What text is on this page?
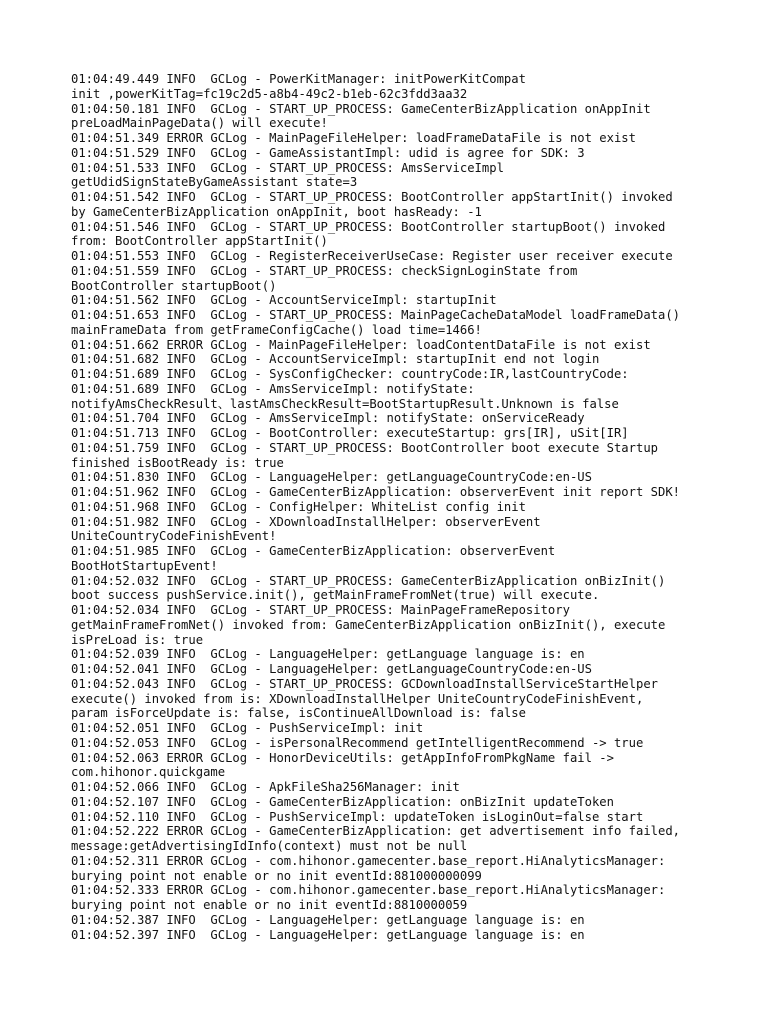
01:04:49.449 INFO  GCLog - PowerKitManager: initPowerKitCompat
init ,powerKitTag=fc19c2d5-a8b4-49c2-b1eb-62c3fdd3aa32
01:04:50.181 INFO  GCLog - START_UP_PROCESS: GameCenterBizApplication onAppInit
preLoadMainPageData() will execute!
01:04:51.349 ERROR GCLog - MainPageFileHelper: loadFrameDataFile is not exist
01:04:51.529 INFO  GCLog - GameAssistantImpl: udid is agree for SDK: 3
01:04:51.533 INFO  GCLog - START_UP_PROCESS: AmsServiceImpl
getUdidSignStateByGameAssistant state=3
01:04:51.542 INFO  GCLog - START_UP_PROCESS: BootController appStartInit() invoked
by GameCenterBizApplication onAppInit, boot hasReady: -1
01:04:51.546 INFO  GCLog - START_UP_PROCESS: BootController startupBoot() invoked
from: BootController appStartInit()
01:04:51.553 INFO  GCLog - RegisterReceiverUseCase: Register user receiver execute
01:04:51.559 INFO  GCLog - START_UP_PROCESS: checkSignLoginState from
BootController startupBoot()
01:04:51.562 INFO  GCLog - AccountServiceImpl: startupInit
01:04:51.653 INFO  GCLog - START_UP_PROCESS: MainPageCacheDataModel loadFrameData()
mainFrameData from getFrameConfigCache() load time=1466!
01:04:51.662 ERROR GCLog - MainPageFileHelper: loadContentDataFile is not exist
01:04:51.682 INFO  GCLog - AccountServiceImpl: startupInit end not login
01:04:51.689 INFO  GCLog - SysConfigChecker: countryCode:IR,lastCountryCode:
01:04:51.689 INFO  GCLog - AmsServiceImpl: notifyState:
notifyAmsCheckResult、lastAmsCheckResult=BootStartupResult.Unknown is false
01:04:51.704 INFO  GCLog - AmsServiceImpl: notifyState: onServiceReady
01:04:51.713 INFO  GCLog - BootController: executeStartup: grs[IR], uSit[IR]
01:04:51.759 INFO  GCLog - START_UP_PROCESS: BootController boot execute Startup
finished isBootReady is: true
01:04:51.830 INFO  GCLog - LanguageHelper: getLanguageCountryCode:en-US
01:04:51.962 INFO  GCLog - GameCenterBizApplication: observerEvent init report SDK!
01:04:51.968 INFO  GCLog - ConfigHelper: WhiteList config init
01:04:51.982 INFO  GCLog - XDownloadInstallHelper: observerEvent
UniteCountryCodeFinishEvent!
01:04:51.985 INFO  GCLog - GameCenterBizApplication: observerEvent
BootHotStartupEvent!
01:04:52.032 INFO  GCLog - START_UP_PROCESS: GameCenterBizApplication onBizInit()
boot success pushService.init(), getMainFrameFromNet(true) will execute.
01:04:52.034 INFO  GCLog - START_UP_PROCESS: MainPageFrameRepository
getMainFrameFromNet() invoked from: GameCenterBizApplication onBizInit(), execute
isPreLoad is: true
01:04:52.039 INFO  GCLog - LanguageHelper: getLanguage language is: en
01:04:52.041 INFO  GCLog - LanguageHelper: getLanguageCountryCode:en-US
01:04:52.043 INFO  GCLog - START_UP_PROCESS: GCDownloadInstallServiceStartHelper
execute() invoked from is: XDownloadInstallHelper UniteCountryCodeFinishEvent,
param isForceUpdate is: false, isContinueAllDownload is: false
01:04:52.051 INFO  GCLog - PushServiceImpl: init
01:04:52.053 INFO  GCLog - isPersonalRecommend getIntelligentRecommend -> true
01:04:52.063 ERROR GCLog - HonorDeviceUtils: getAppInfoFromPkgName fail ->
com.hihonor.quickgame
01:04:52.066 INFO  GCLog - ApkFileSha256Manager: init
01:04:52.107 INFO  GCLog - GameCenterBizApplication: onBizInit updateToken
01:04:52.110 INFO  GCLog - PushServiceImpl: updateToken isLoginOut=false start
01:04:52.222 ERROR GCLog - GameCenterBizApplication: get advertisement info failed,
message:getAdvertisingIdInfo(context) must not be null
01:04:52.311 ERROR GCLog - com.hihonor.gamecenter.base_report.HiAnalyticsManager:
burying point not enable or no init eventId:881000000099
01:04:52.333 ERROR GCLog - com.hihonor.gamecenter.base_report.HiAnalyticsManager:
burying point not enable or no init eventId:8810000059
01:04:52.387 INFO  GCLog - LanguageHelper: getLanguage language is: en
01:04:52.397 INFO  GCLog - LanguageHelper: getLanguage language is: en
